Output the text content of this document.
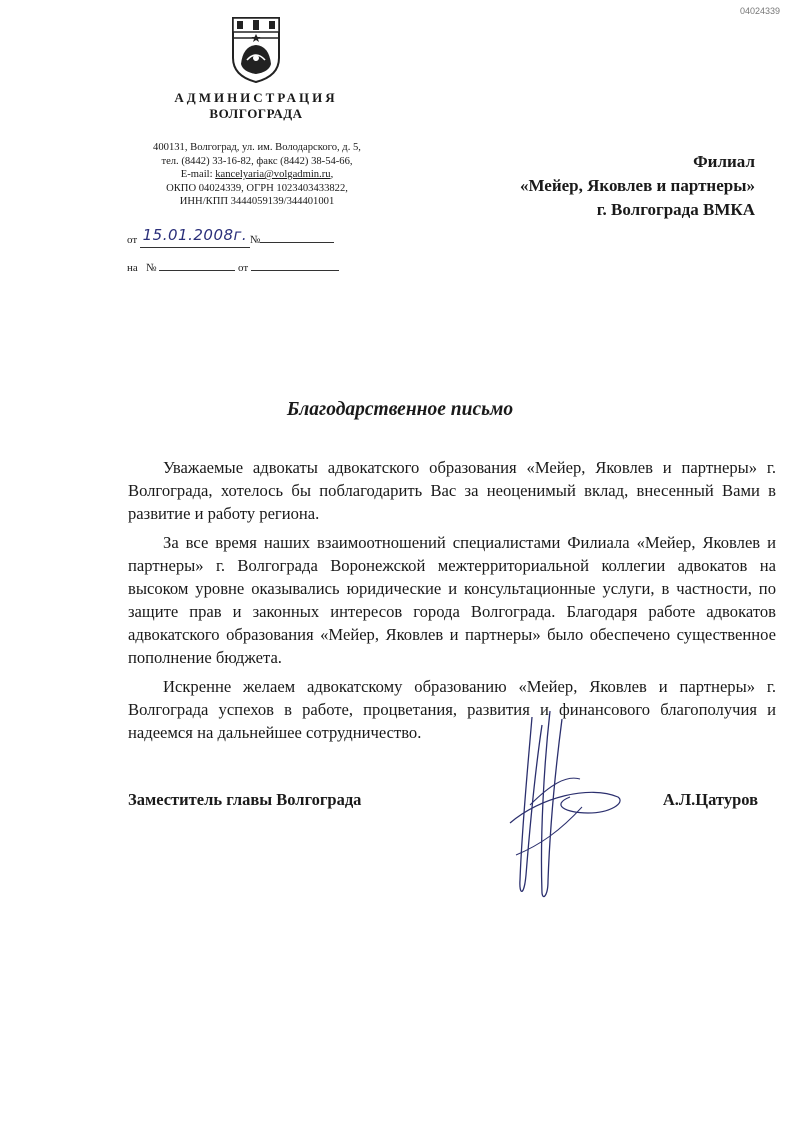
04024339
АДМИНИСТРАЦИЯ
ВОЛГОГРАДА
400131, Волгоград, ул. им. Володарского, д. 5,
тел. (8442) 33-16-82, факс (8442) 38-54-66,
E-mail: kancelyaria@volgadmin.ru,
ОКПО 04024339, ОГРН 1023403433822,
ИНН/КПП 3444059139/344401001
от 15.01.2008г. №
на №	от
Филиал
«Мейер, Яковлев и партнеры»
г. Волгограда ВМКА
Благодарственное письмо

Уважаемые адвокаты адвокатского образования «Мейер, Яковлев и партнеры» г. Волгограда, хотелось бы поблагодарить Вас за неоценимый вклад, внесенный Вами в развитие и работу региона.

За все время наших взаимоотношений специалистами Филиала «Мейер, Яковлев и партнеры» г. Волгограда Воронежской межтерриториальной коллегии адвокатов на высоком уровне оказывались юридические и консультационные услуги, в частности, по защите прав и законных интересов города Волгограда. Благодаря работе адвокатов адвокатского образования «Мейер, Яковлев и партнеры» было обеспечено существенное пополнение бюджета.

Искренне желаем адвокатскому образованию «Мейер, Яковлев и партнеры» г. Волгограда успехов в работе, процветания, развития и финансового благополучия и надеемся на дальнейшее сотрудничество.

Заместитель главы Волгограда	А.Л.Цатуров
